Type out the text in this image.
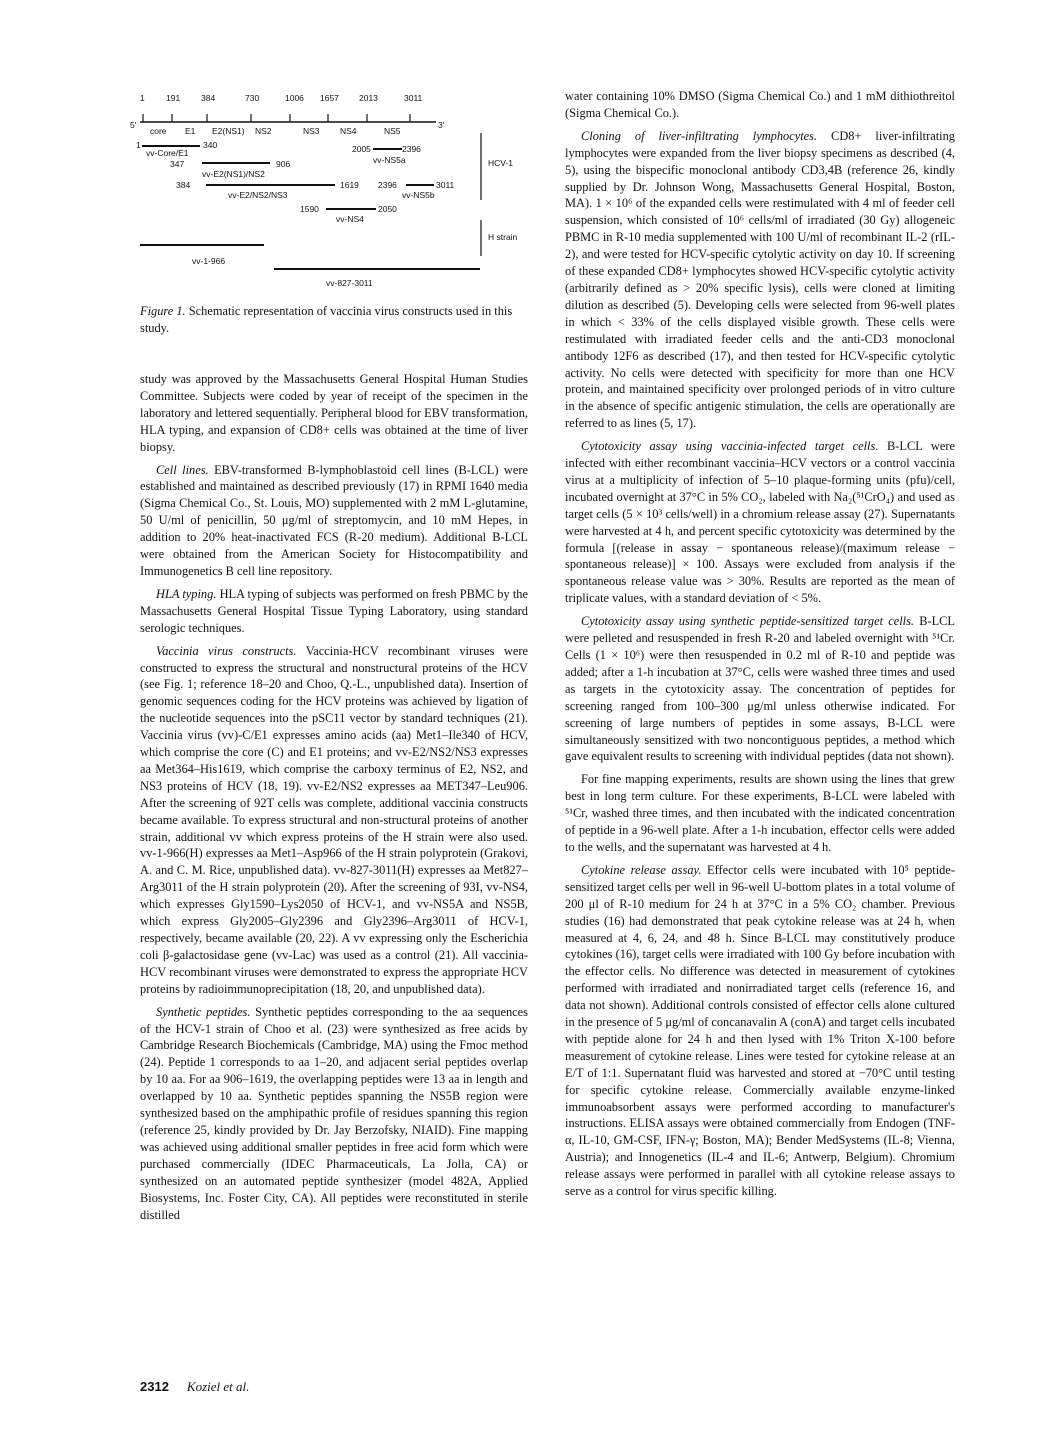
1	191 384	730	1006 1657 2013	3011
5'	3'
core E1 E2(NS1) NS2	NS3 NS4	NS5
1	340
vv-Core/E1
347	906
vv-E2(NS1)/NS2
384	1619
vv-E2/NS2/NS3
2005	2396
vv-NS5a
2396	3011
vv-NS5b
1590	2050
vv-NS4
vv-1-966
vv-827-3011
HCV-1
H strain
Figure 1. Schematic representation of vaccinia virus constructs used in this study.

study was approved by the Massachusetts General Hospital Human Studies Committee. Subjects were coded by year of receipt of the specimen in the laboratory and lettered sequentially. Peripheral blood for EBV transformation, HLA typing, and expansion of CD8+ cells was obtained at the time of liver biopsy.

Cell lines. EBV-transformed B-lymphoblastoid cell lines (B-LCL) were established and maintained as described previously (17) in RPMI 1640 media (Sigma Chemical Co., St. Louis, MO) supplemented with 2 mM L-glutamine, 50 U/ml of penicillin, 50 μg/ml of streptomycin, and 10 mM Hepes, in addition to 20% heat-inactivated FCS (R-20 medium). Additional B-LCL were obtained from the American Society for Histocompatibility and Immunogenetics B cell line repository.

HLA typing. HLA typing of subjects was performed on fresh PBMC by the Massachusetts General Hospital Tissue Typing Laboratory, using standard serologic techniques.

Vaccinia virus constructs. Vaccinia-HCV recombinant viruses were constructed to express the structural and nonstructural proteins of the HCV (see Fig. 1; reference 18–20 and Choo, Q.-L., unpublished data). Insertion of genomic sequences coding for the HCV proteins was achieved by ligation of the nucleotide sequences into the pSC11 vector by standard techniques (21). Vaccinia virus (vv)-C/E1 expresses amino acids (aa) Met1–Ile340 of HCV, which comprise the core (C) and E1 proteins; and vv-E2/NS2/NS3 expresses aa Met364–His1619, which comprise the carboxy terminus of E2, NS2, and NS3 proteins of HCV (18, 19). vv-E2/NS2 expresses aa MET347–Leu906. After the screening of 92T cells was complete, additional vaccinia constructs became available. To express structural and non-structural proteins of another strain, additional vv which express proteins of the H strain were also used. vv-1-966(H) expresses aa Met1–Asp966 of the H strain polyprotein (Grakovi, A. and C. M. Rice, unpublished data). vv-827-3011(H) expresses aa Met827–Arg3011 of the H strain polyprotein (20). After the screening of 93I, vv-NS4, which expresses Gly1590–Lys2050 of HCV-1, and vv-NS5A and NS5B, which express Gly2005–Gly2396 and Gly2396–Arg3011 of HCV-1, respectively, became available (20, 22). A vv expressing only the Escherichia coli β-galactosidase gene (vv-Lac) was used as a control (21). All vaccinia-HCV recombinant viruses were demonstrated to express the appropriate HCV proteins by radioimmunoprecipitation (18, 20, and unpublished data).

Synthetic peptides. Synthetic peptides corresponding to the aa sequences of the HCV-1 strain of Choo et al. (23) were synthesized as free acids by Cambridge Research Biochemicals (Cambridge, MA) using the Fmoc method (24). Peptide 1 corresponds to aa 1–20, and adjacent serial peptides overlap by 10 aa. For aa 906–1619, the overlapping peptides were 13 aa in length and overlapped by 10 aa. Synthetic peptides spanning the NS5B region were synthesized based on the amphipathic profile of residues spanning this region (reference 25, kindly provided by Dr. Jay Berzofsky, NIAID). Fine mapping was achieved using additional smaller peptides in free acid form which were purchased commercially (IDEC Pharmaceuticals, La Jolla, CA) or synthesized on an automated peptide synthesizer (model 482A, Applied Biosystems, Inc. Foster City, CA). All peptides were reconstituted in sterile distilled

water containing 10% DMSO (Sigma Chemical Co.) and 1 mM dithiothreitol (Sigma Chemical Co.).

Cloning of liver-infiltrating lymphocytes. CD8+ liver-infiltrating lymphocytes were expanded from the liver biopsy specimens as described (4, 5), using the bispecific monoclonal antibody CD3,4B (reference 26, kindly supplied by Dr. Johnson Wong, Massachusetts General Hospital, Boston, MA). 1 × 10⁶ of the expanded cells were restimulated with 4 ml of feeder cell suspension, which consisted of 10⁶ cells/ml of irradiated (30 Gy) allogeneic PBMC in R-10 media supplemented with 100 U/ml of recombinant IL-2 (rIL-2), and were tested for HCV-specific cytolytic activity on day 10. If screening of these expanded CD8+ lymphocytes showed HCV-specific cytolytic activity (arbitrarily defined as > 20% specific lysis), cells were cloned at limiting dilution as described (5). Developing cells were selected from 96-well plates in which < 33% of the cells displayed visible growth. These cells were restimulated with irradiated feeder cells and the anti-CD3 monoclonal antibody 12F6 as described (17), and then tested for HCV-specific cytolytic activity. No cells were detected with specificity for more than one HCV protein, and maintained specificity over prolonged periods of in vitro culture in the absence of specific antigenic stimulation, the cells are operationally are referred to as lines (5, 17).

Cytotoxicity assay using vaccinia-infected target cells. B-LCL were infected with either recombinant vaccinia–HCV vectors or a control vaccinia virus at a multiplicity of infection of 5–10 plaque-forming units (pfu)/cell, incubated overnight at 37°C in 5% CO₂, labeled with Na₂(⁵¹CrO₄) and used as target cells (5 × 10³ cells/well) in a chromium release assay (27). Supernatants were harvested at 4 h, and percent specific cytotoxicity was determined by the formula [(release in assay − spontaneous release)/(maximum release − spontaneous release)] × 100. Assays were excluded from analysis if the spontaneous release value was > 30%. Results are reported as the mean of triplicate values, with a standard deviation of < 5%.

Cytotoxicity assay using synthetic peptide-sensitized target cells. B-LCL were pelleted and resuspended in fresh R-20 and labeled overnight with ⁵¹Cr. Cells (1 × 10⁶) were then resuspended in 0.2 ml of R-10 and peptide was added; after a 1-h incubation at 37°C, cells were washed three times and used as targets in the cytotoxicity assay. The concentration of peptides for screening ranged from 100–300 μg/ml unless otherwise indicated. For screening of large numbers of peptides in some assays, B-LCL were simultaneously sensitized with two noncontiguous peptides, a method which gave equivalent results to screening with individual peptides (data not shown).

For fine mapping experiments, results are shown using the lines that grew best in long term culture. For these experiments, B-LCL were labeled with ⁵¹Cr, washed three times, and then incubated with the indicated concentration of peptide in a 96-well plate. After a 1-h incubation, effector cells were added to the wells, and the supernatant was harvested at 4 h.

Cytokine release assay. Effector cells were incubated with 10⁵ peptide-sensitized target cells per well in 96-well U-bottom plates in a total volume of 200 μl of R-10 medium for 24 h at 37°C in a 5% CO₂ chamber. Previous studies (16) had demonstrated that peak cytokine release was at 24 h, when measured at 4, 6, 24, and 48 h. Since B-LCL may constitutively produce cytokines (16), target cells were irradiated with 100 Gy before incubation with the effector cells. No difference was detected in measurement of cytokines performed with irradiated and nonirradiated target cells (reference 16, and data not shown). Additional controls consisted of effector cells alone cultured in the presence of 5 μg/ml of concanavalin A (conA) and target cells incubated with peptide alone for 24 h and then lysed with 1% Triton X-100 before measurement of cytokine release. Lines were tested for cytokine release at an E/T of 1:1. Supernatant fluid was harvested and stored at −70°C until testing for specific cytokine release. Commercially available enzyme-linked immunoabsorbent assays were performed according to manufacturer's instructions. ELISA assays were obtained commercially from Endogen (TNF-α, IL-10, GM-CSF, IFN-γ; Boston, MA); Bender MedSystems (IL-8; Vienna, Austria); and Innogenetics (IL-4 and IL-6; Antwerp, Belgium). Chromium release assays were performed in parallel with all cytokine release assays to serve as a control for virus specific killing.

2312 Koziel et al.
